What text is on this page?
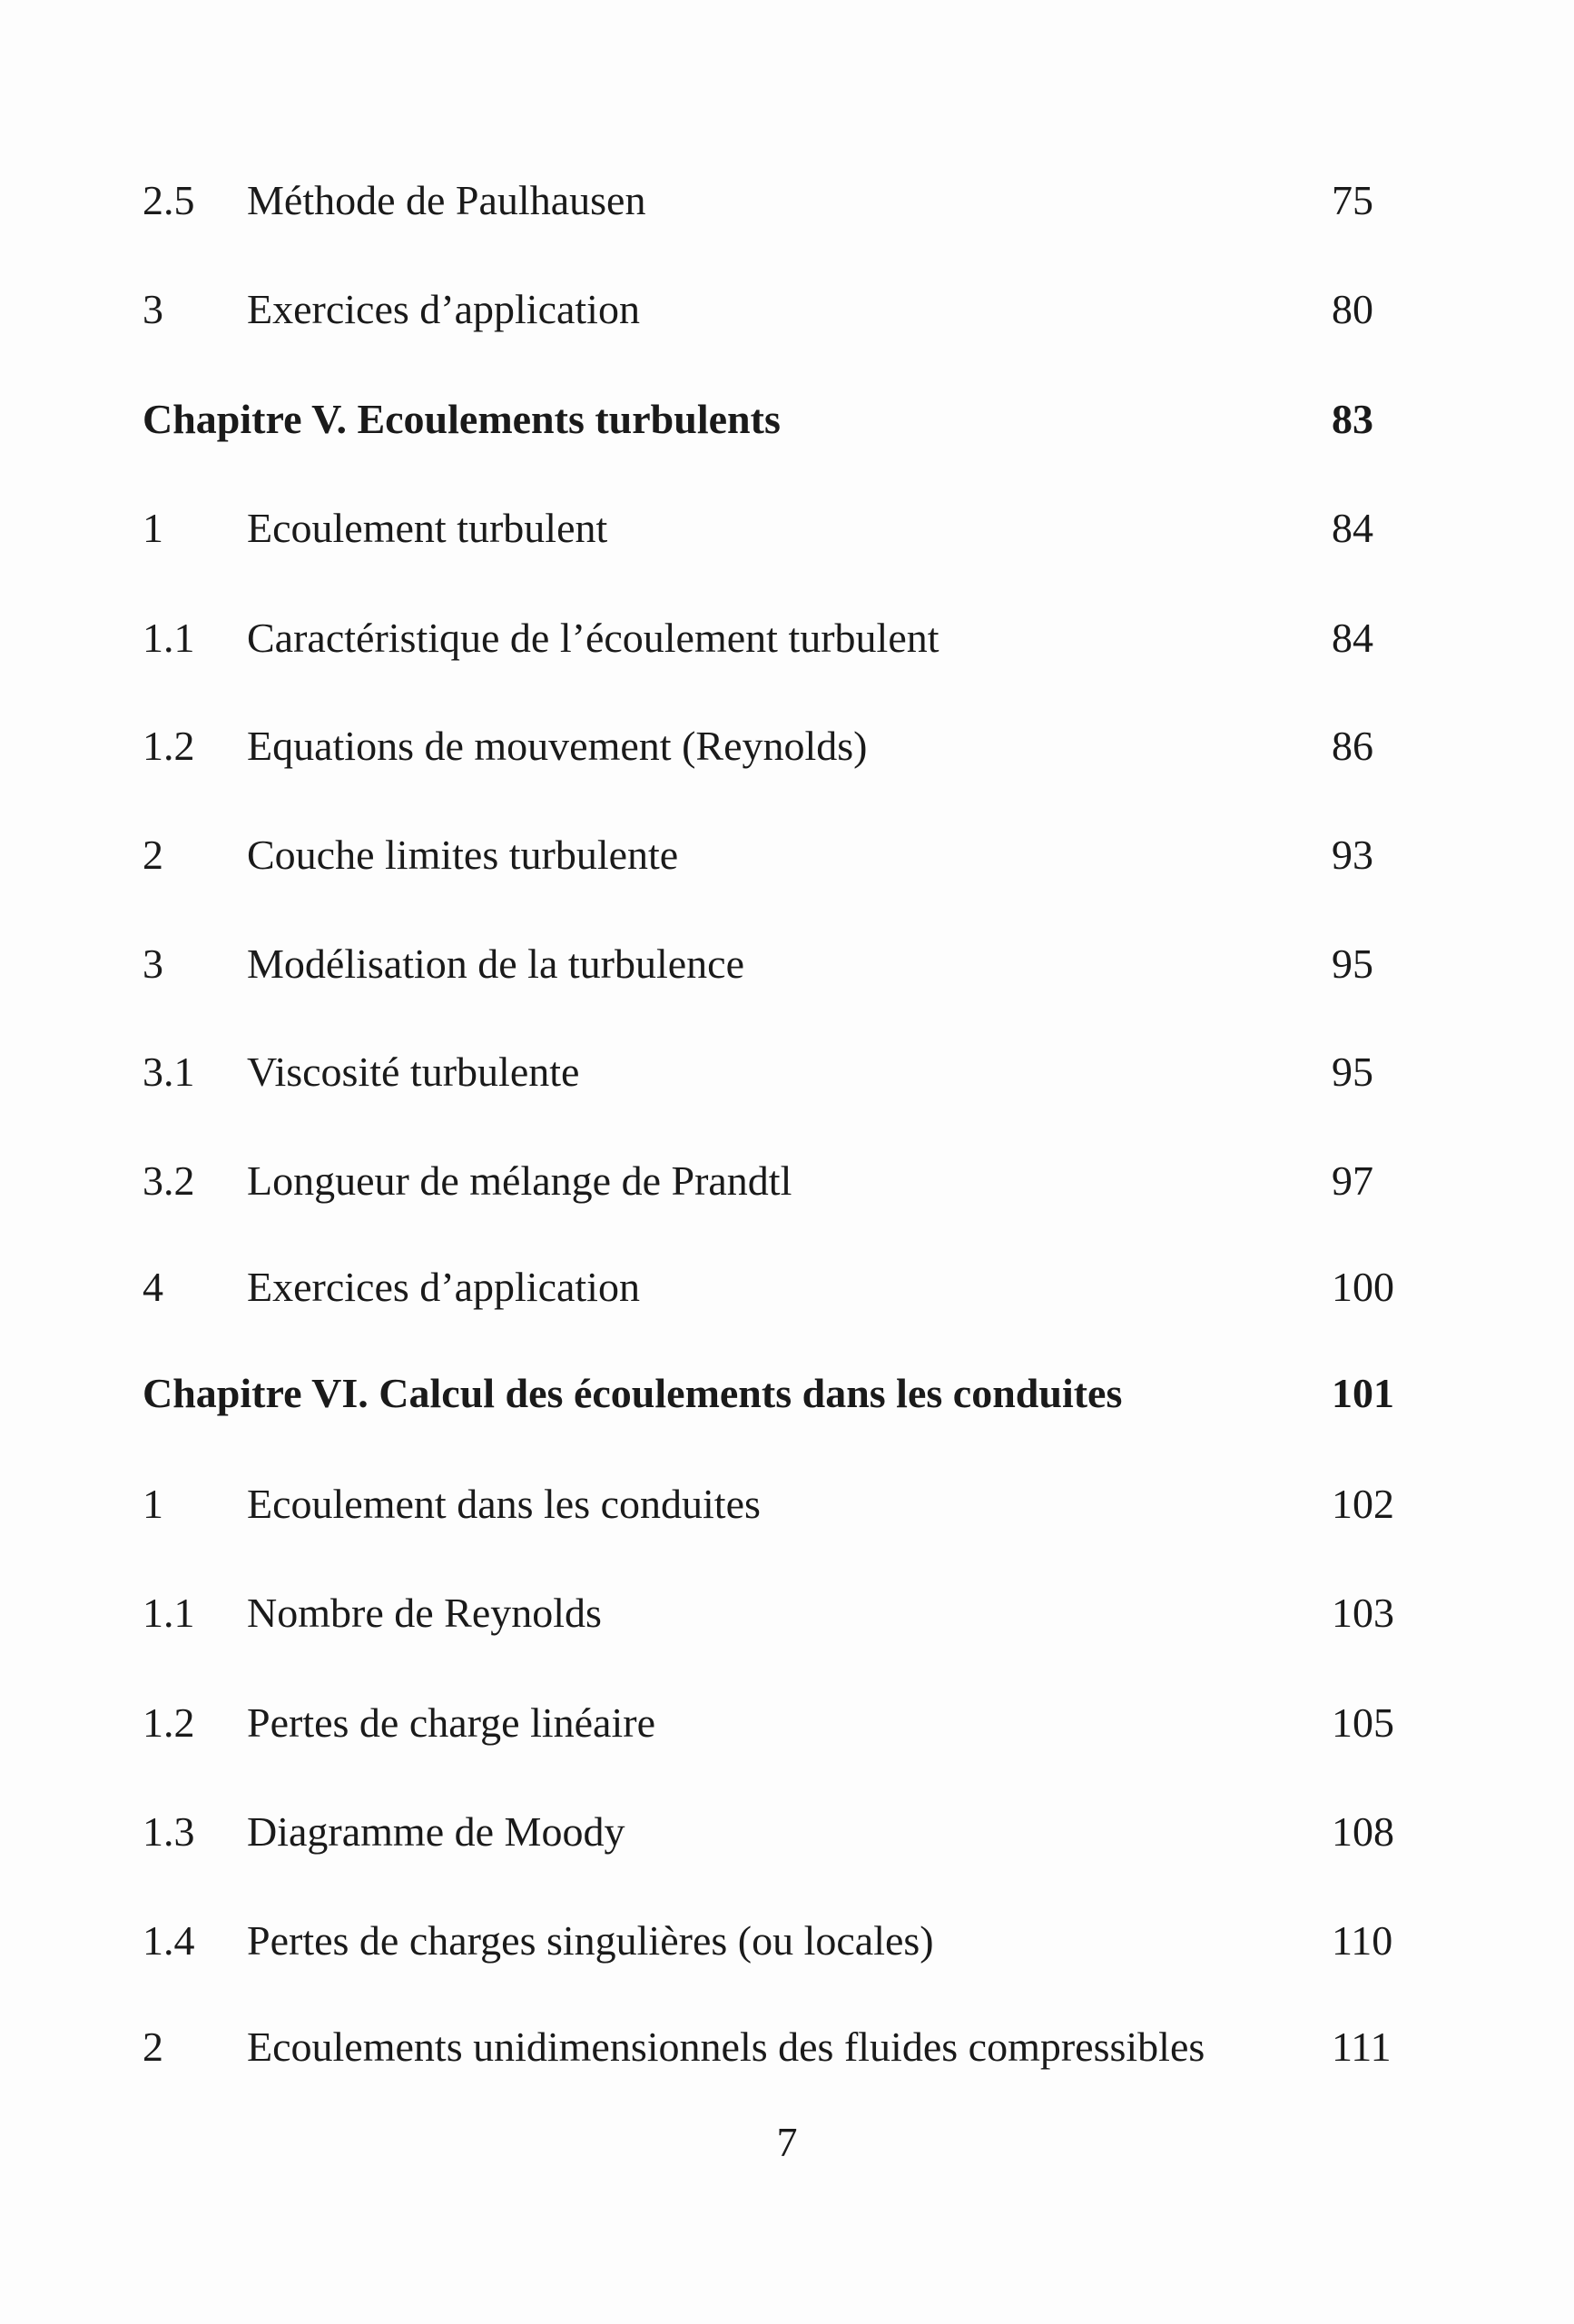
2.5 Méthode de Paulhausen	75
3 Exercices d’application	80
Chapitre V. Ecoulements turbulents	83
1 Ecoulement turbulent	84
1.1 Caractéristique de l’écoulement turbulent	84
1.2 Equations de mouvement (Reynolds)	86
2 Couche limites turbulente	93
3 Modélisation de la turbulence	95
3.1 Viscosité turbulente	95
3.2 Longueur de mélange de Prandtl	97
4 Exercices d’application	100
Chapitre VI. Calcul des écoulements dans les conduites	101
1 Ecoulement dans les conduites	102
1.1 Nombre de Reynolds	103
1.2 Pertes de charge linéaire	105
1.3 Diagramme de Moody	108
1.4 Pertes de charges singulières (ou locales)	110
2 Ecoulements unidimensionnels des fluides compressibles	111
7
